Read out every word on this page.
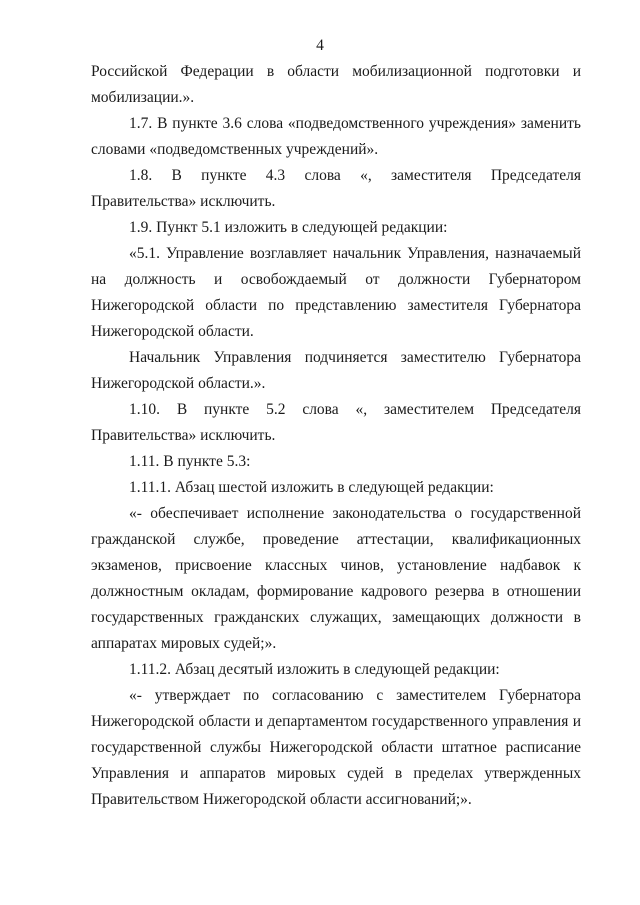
4

Российской Федерации в области мобилизационной подготовки и мобилизации.».

1.7. В пункте 3.6 слова «подведомственного учреждения» заменить словами «подведомственных учреждений».

1.8. В пункте 4.3 слова «, заместителя Председателя Правительства» исключить.

1.9. Пункт 5.1 изложить в следующей редакции:

«5.1. Управление возглавляет начальник Управления, назначаемый на должность и освобождаемый от должности Губернатором Нижегородской области по представлению заместителя Губернатора Нижегородской области.

Начальник Управления подчиняется заместителю Губернатора Нижегородской области.».

1.10. В пункте 5.2 слова «, заместителем Председателя Правительства» исключить.

1.11. В пункте 5.3:

1.11.1. Абзац шестой изложить в следующей редакции:

«- обеспечивает исполнение законодательства о государственной гражданской службе, проведение аттестации, квалификационных экзаменов, присвоение классных чинов, установление надбавок к должностным окладам, формирование кадрового резерва в отношении государственных гражданских служащих, замещающих должности в аппаратах мировых судей;».

1.11.2. Абзац десятый изложить в следующей редакции:

«- утверждает по согласованию с заместителем Губернатора Нижегородской области и департаментом государственного управления и государственной службы Нижегородской области штатное расписание Управления и аппаратов мировых судей в пределах утвержденных Правительством Нижегородской области ассигнований;».
